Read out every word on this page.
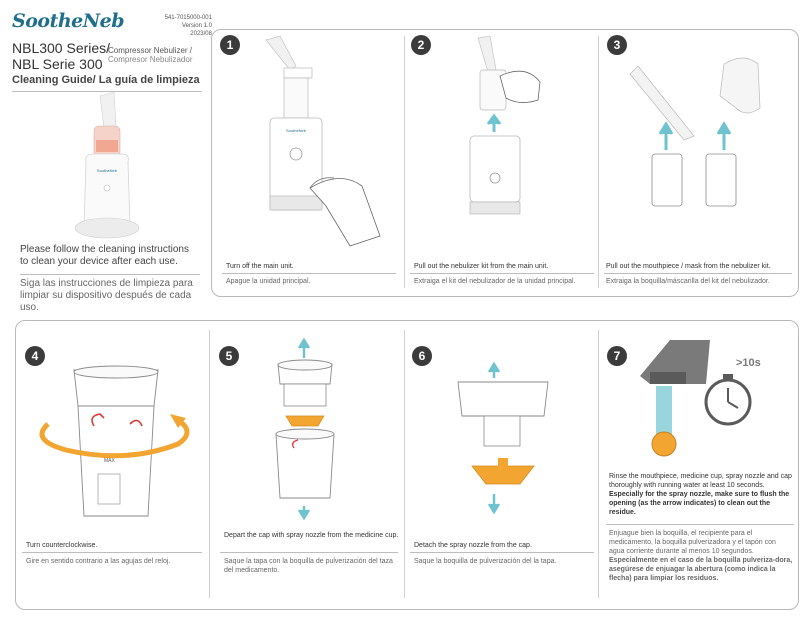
SootheNeb	541-7015000-001
Version 1.0
2023/08
NBL300 Series/
NBL Serie 300
Compressor Nebulizer /
Compresor Nebulizador
Cleaning Guide/ La guía de limpieza
SootheNeb
Please follow the cleaning instructions to clean your device after each use.
Siga las instrucciones de limpieza para limpiar su dispositivo después de cada uso.
1
SootheNeb
Turn off the main unit.
Apague la unidad principal.
2
Pull out the nebulizer kit from the main unit.
Extraiga el kit del nebulizador de la unidad principal.
3
Pull out the mouthpiece / mask from the nebulizer kit.
Extraiga la boquilla/máscarilla del kit del nebulizador.
4
MAX
Turn counterclockwise.
Gire en sentido contrario a las agujas del reloj.
5
Depart the cap with spray nozzle from the medicine cup.
Saque la tapa con la boquilla de pulverización del taza del medicamento.
6
Detach the spray nozzle from the cap.
Saque la boquilla de pulverización del la tapa.
7	>10s
Rinse the mouthpiece, medicine cup, spray nozzle and cap thoroughly with running water at least 10 seconds. Especially for the spray nozzle, make sure to flush the opening (as the arrow indicates) to clean out the residue.
Enjuague bien la boquilla, el recipiente para el medicamento, la boquilla pulverizadora y el tapón con agua corriente durante al menos 10 segundos. Especialmente en el caso de la boquilla pulveriza-dora, asegúrese de enjuagar la abertura (como indica la flecha) para limpiar los residuos.
